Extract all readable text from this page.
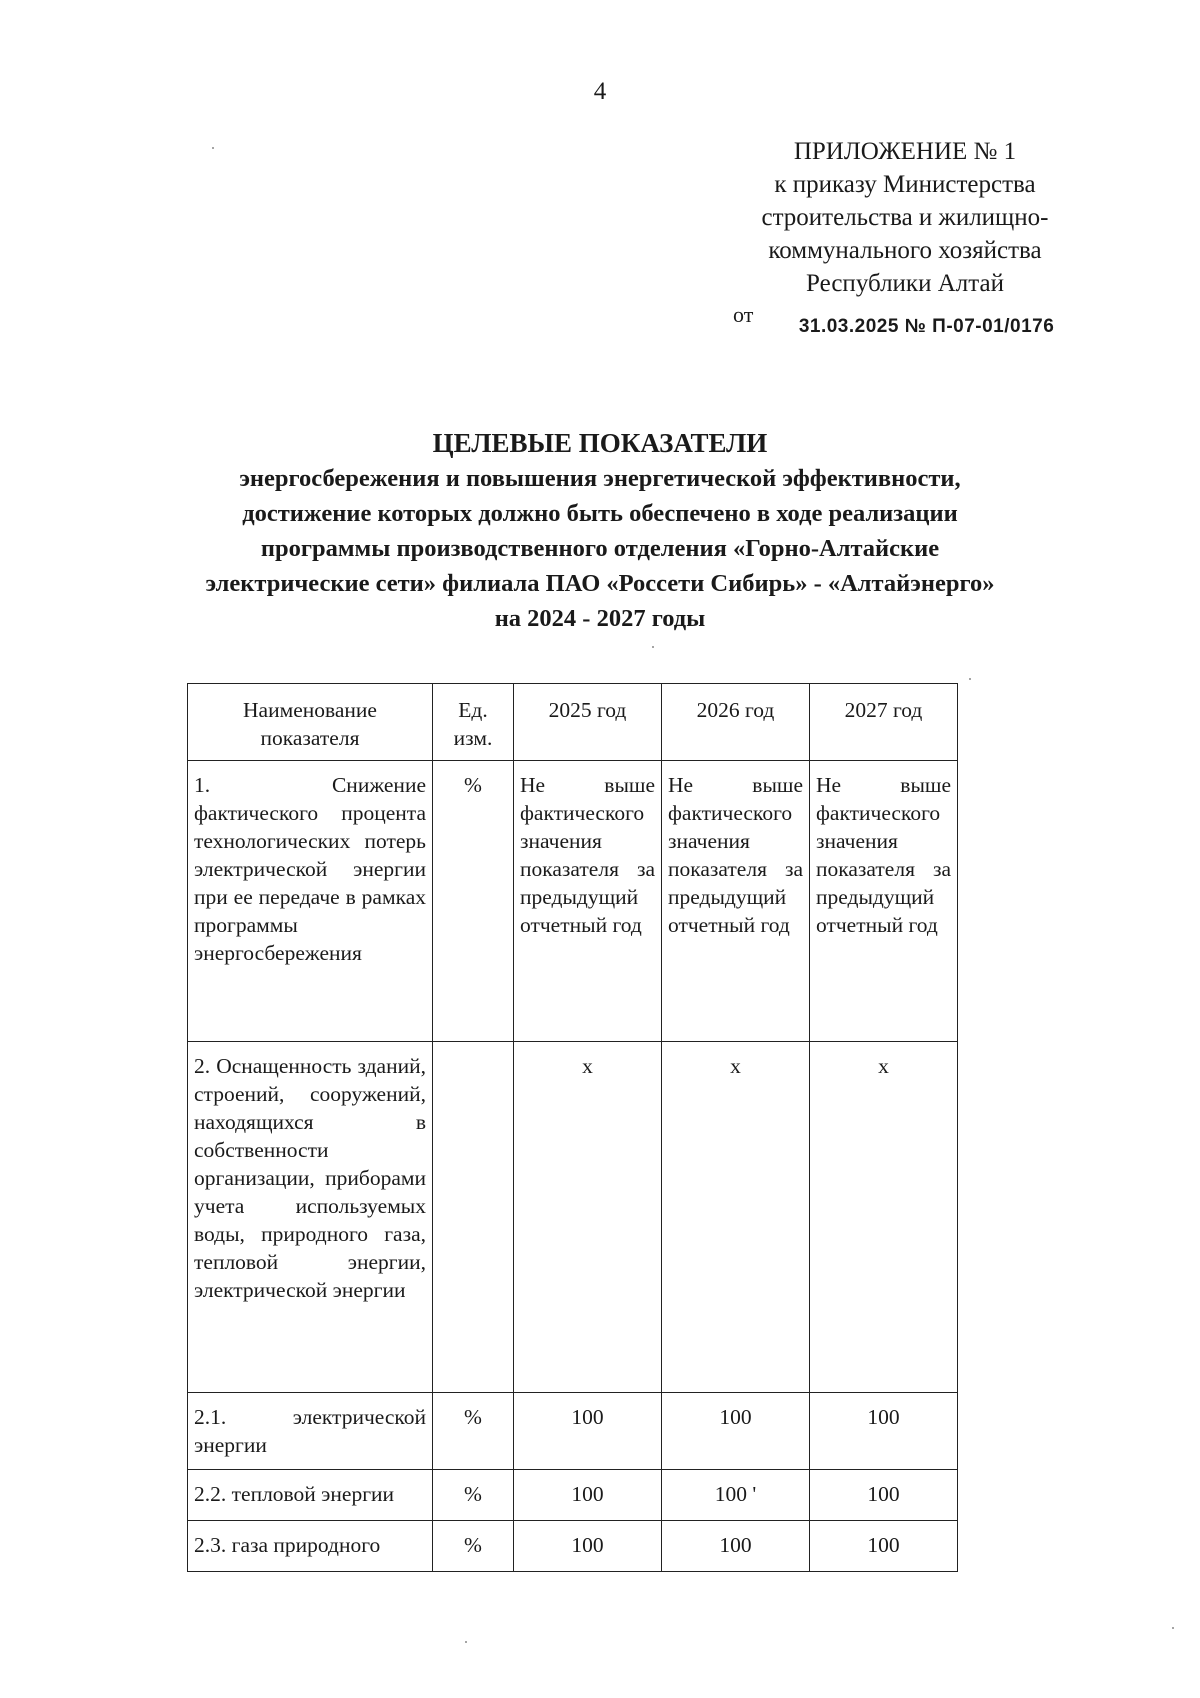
4
ПРИЛОЖЕНИЕ № 1
к приказу Министерства
строительства и жилищно-
коммунального хозяйства
Республики Алтай
от 31.03.2025 № П-07-01/0176
ЦЕЛЕВЫЕ ПОКАЗАТЕЛИ
энергосбережения и повышения энергетической эффективности,
достижение которых должно быть обеспечено в ходе реализации
программы производственного отделения «Горно-Алтайские
электрические сети» филиала ПАО «Россети Сибирь» - «Алтайэнерго»
на 2024 - 2027 годы
Наименование показателя	Ед. изм.	2025 год	2026 год	2027 год
1. Снижение фактического процента технологических потерь электрической энергии при ее передаче в рамках программы энергосбережения	%	Не выше фактического значения показателя за предыдущий отчетный год	Не выше фактического значения показателя за предыдущий отчетный год	Не выше фактического значения показателя за предыдущий отчетный год
2. Оснащенность зданий, строений, сооружений, находящихся в собственности организации, приборами учета используемых воды, природного газа, тепловой энергии, электрической энергии		x	x	x
2.1. электрической энергии	%	100	100	100
2.2. тепловой энергии	%	100	100 '	100
2.3. газа природного	%	100	100	100
